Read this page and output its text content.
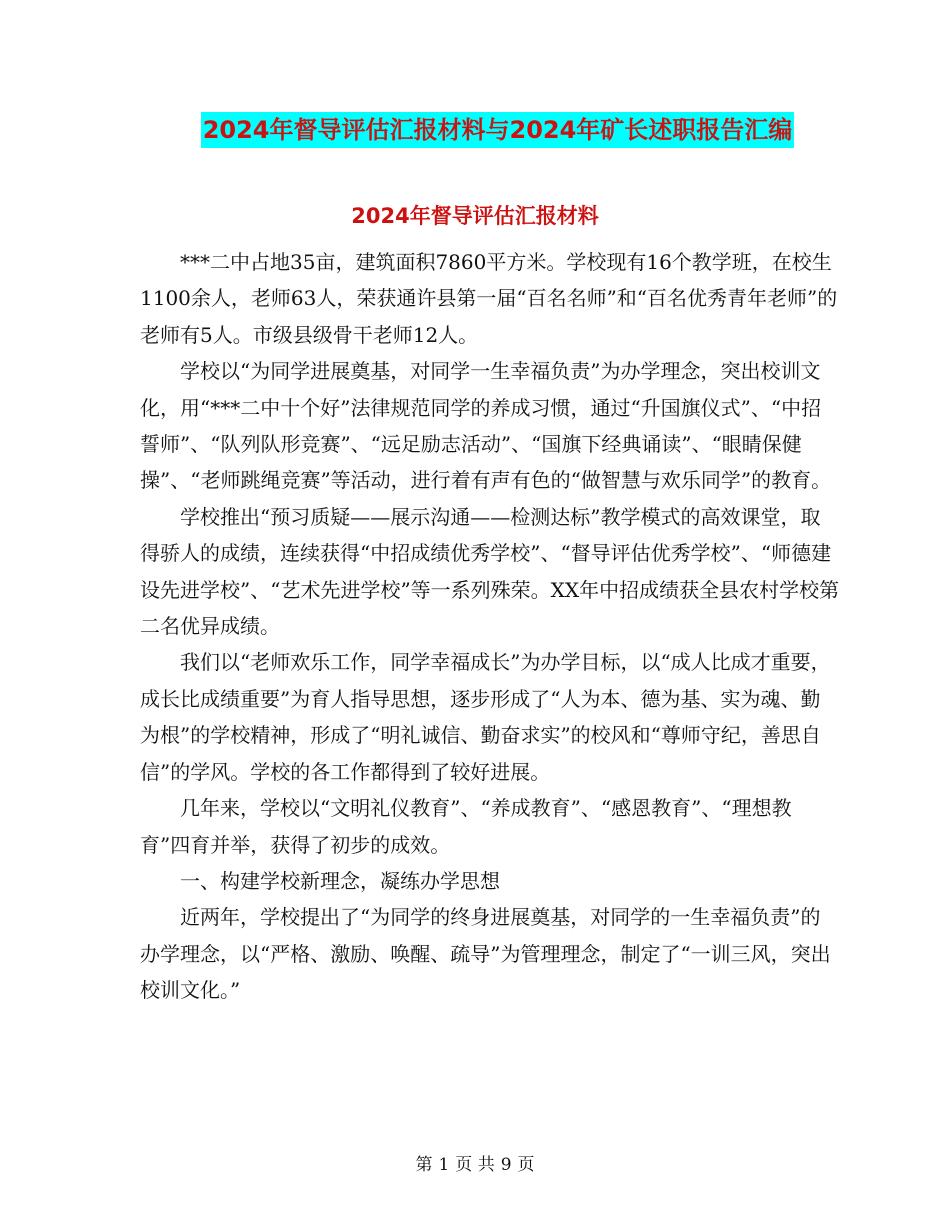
2024年督导评估汇报材料与2024年矿长述职报告汇编
2024年督导评估汇报材料

***二中占地35亩，建筑面积7860平方米。学校现有16个教学班，在校生1100余人，老师63人，荣获通许县第一届“百名名师”和“百名优秀青年老师”的老师有5人。市级县级骨干老师12人。

学校以“为同学进展奠基，对同学一生幸福负责”为办学理念，突出校训文化，用“***二中十个好”法律规范同学的养成习惯，通过“升国旗仪式”、“中招誓师”、“队列队形竞赛”、“远足励志活动”、“国旗下经典诵读”、“眼睛保健操”、“老师跳绳竞赛”等活动，进行着有声有色的“做智慧与欢乐同学”的教育。

学校推出“预习质疑——展示沟通——检测达标”教学模式的高效课堂，取得骄人的成绩，连续获得“中招成绩优秀学校”、“督导评估优秀学校”、“师德建设先进学校”、“艺术先进学校”等一系列殊荣。XX年中招成绩获全县农村学校第二名优异成绩。

我们以“老师欢乐工作，同学幸福成长”为办学目标，以“成人比成才重要，成长比成绩重要”为育人指导思想，逐步形成了“人为本、德为基、实为魂、勤为根”的学校精神，形成了“明礼诚信、勤奋求实”的校风和“尊师守纪，善思自信”的学风。学校的各工作都得到了较好进展。

几年来，学校以“文明礼仪教育”、“养成教育”、“感恩教育”、“理想教育”四育并举，获得了初步的成效。

一、构建学校新理念，凝练办学思想

近两年，学校提出了“为同学的终身进展奠基，对同学的一生幸福负责”的办学理念，以“严格、激励、唤醒、疏导”为管理理念，制定了“一训三风，突出校训文化。”

第 1 页 共 9 页
